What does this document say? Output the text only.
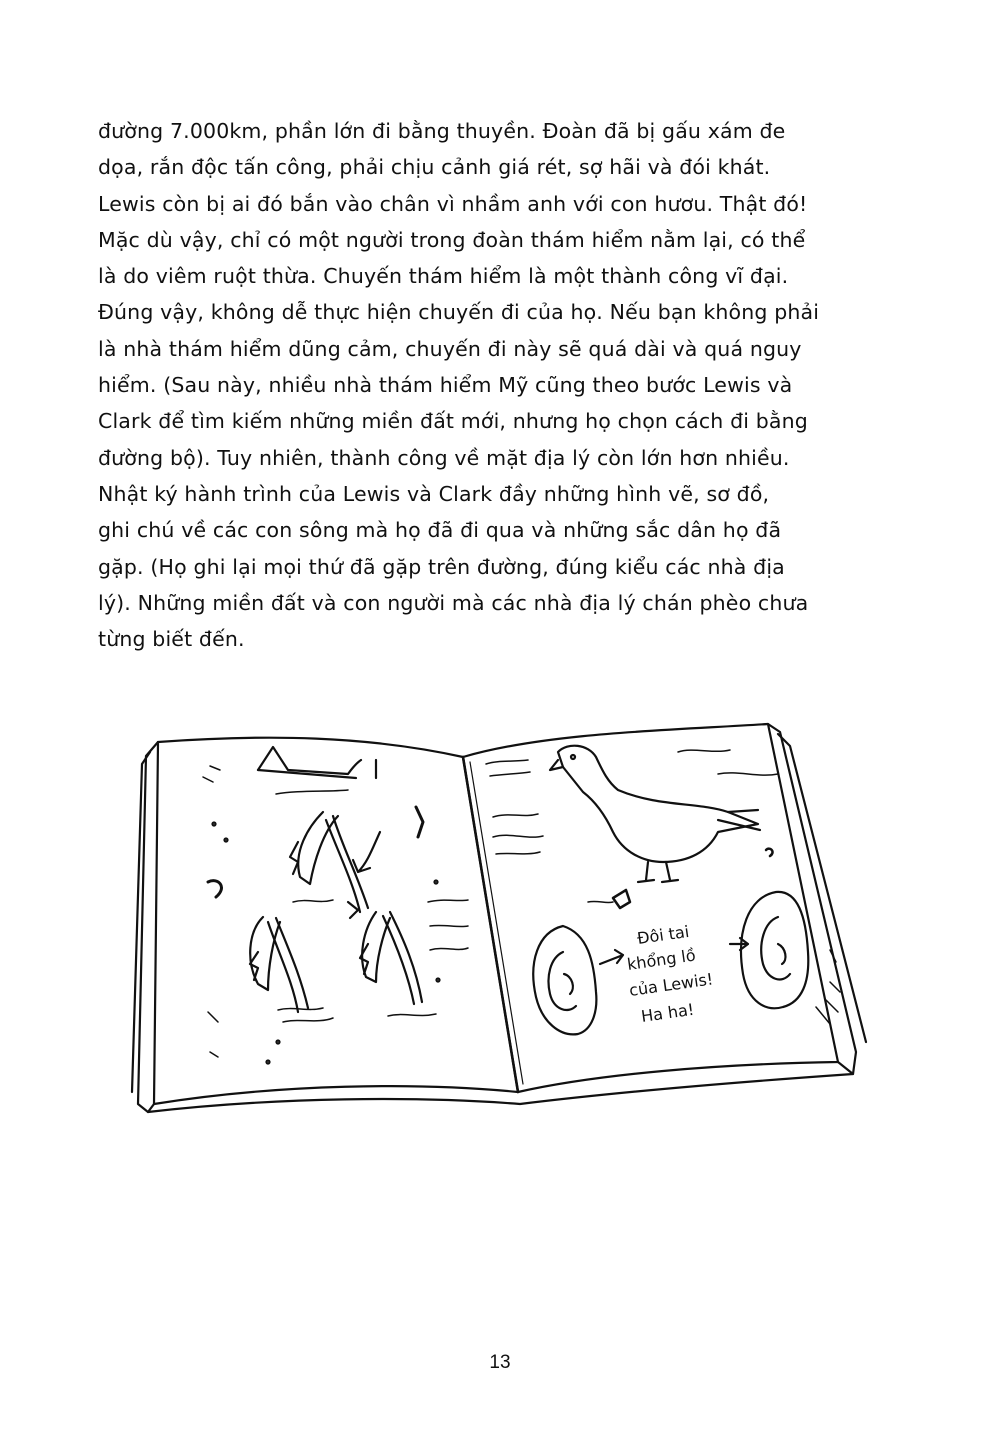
đường 7.000km, phần lớn đi bằng thuyền. Đoàn đã bị gấu xám đe
dọa, rắn độc tấn công, phải chịu cảnh giá rét, sợ hãi và đói khát.
Lewis còn bị ai đó bắn vào chân vì nhầm anh với con hươu. Thật đó!
Mặc dù vậy, chỉ có một người trong đoàn thám hiểm nằm lại, có thể
là do viêm ruột thừa. Chuyến thám hiểm là một thành công vĩ đại.
Đúng vậy, không dễ thực hiện chuyến đi của họ. Nếu bạn không phải
là nhà thám hiểm dũng cảm, chuyến đi này sẽ quá dài và quá nguy
hiểm. (Sau này, nhiều nhà thám hiểm Mỹ cũng theo bước Lewis và
Clark để tìm kiếm những miền đất mới, nhưng họ chọn cách đi bằng
đường bộ). Tuy nhiên, thành công về mặt địa lý còn lớn hơn nhiều.
Nhật ký hành trình của Lewis và Clark đầy những hình vẽ, sơ đồ,
ghi chú về các con sông mà họ đã đi qua và những sắc dân họ đã
gặp. (Họ ghi lại mọi thứ đã gặp trên đường, đúng kiểu các nhà địa
lý). Những miền đất và con người mà các nhà địa lý chán phèo chưa
từng biết đến.
Đôi tai
khổng lồ
của Lewis!
Ha ha!
13
